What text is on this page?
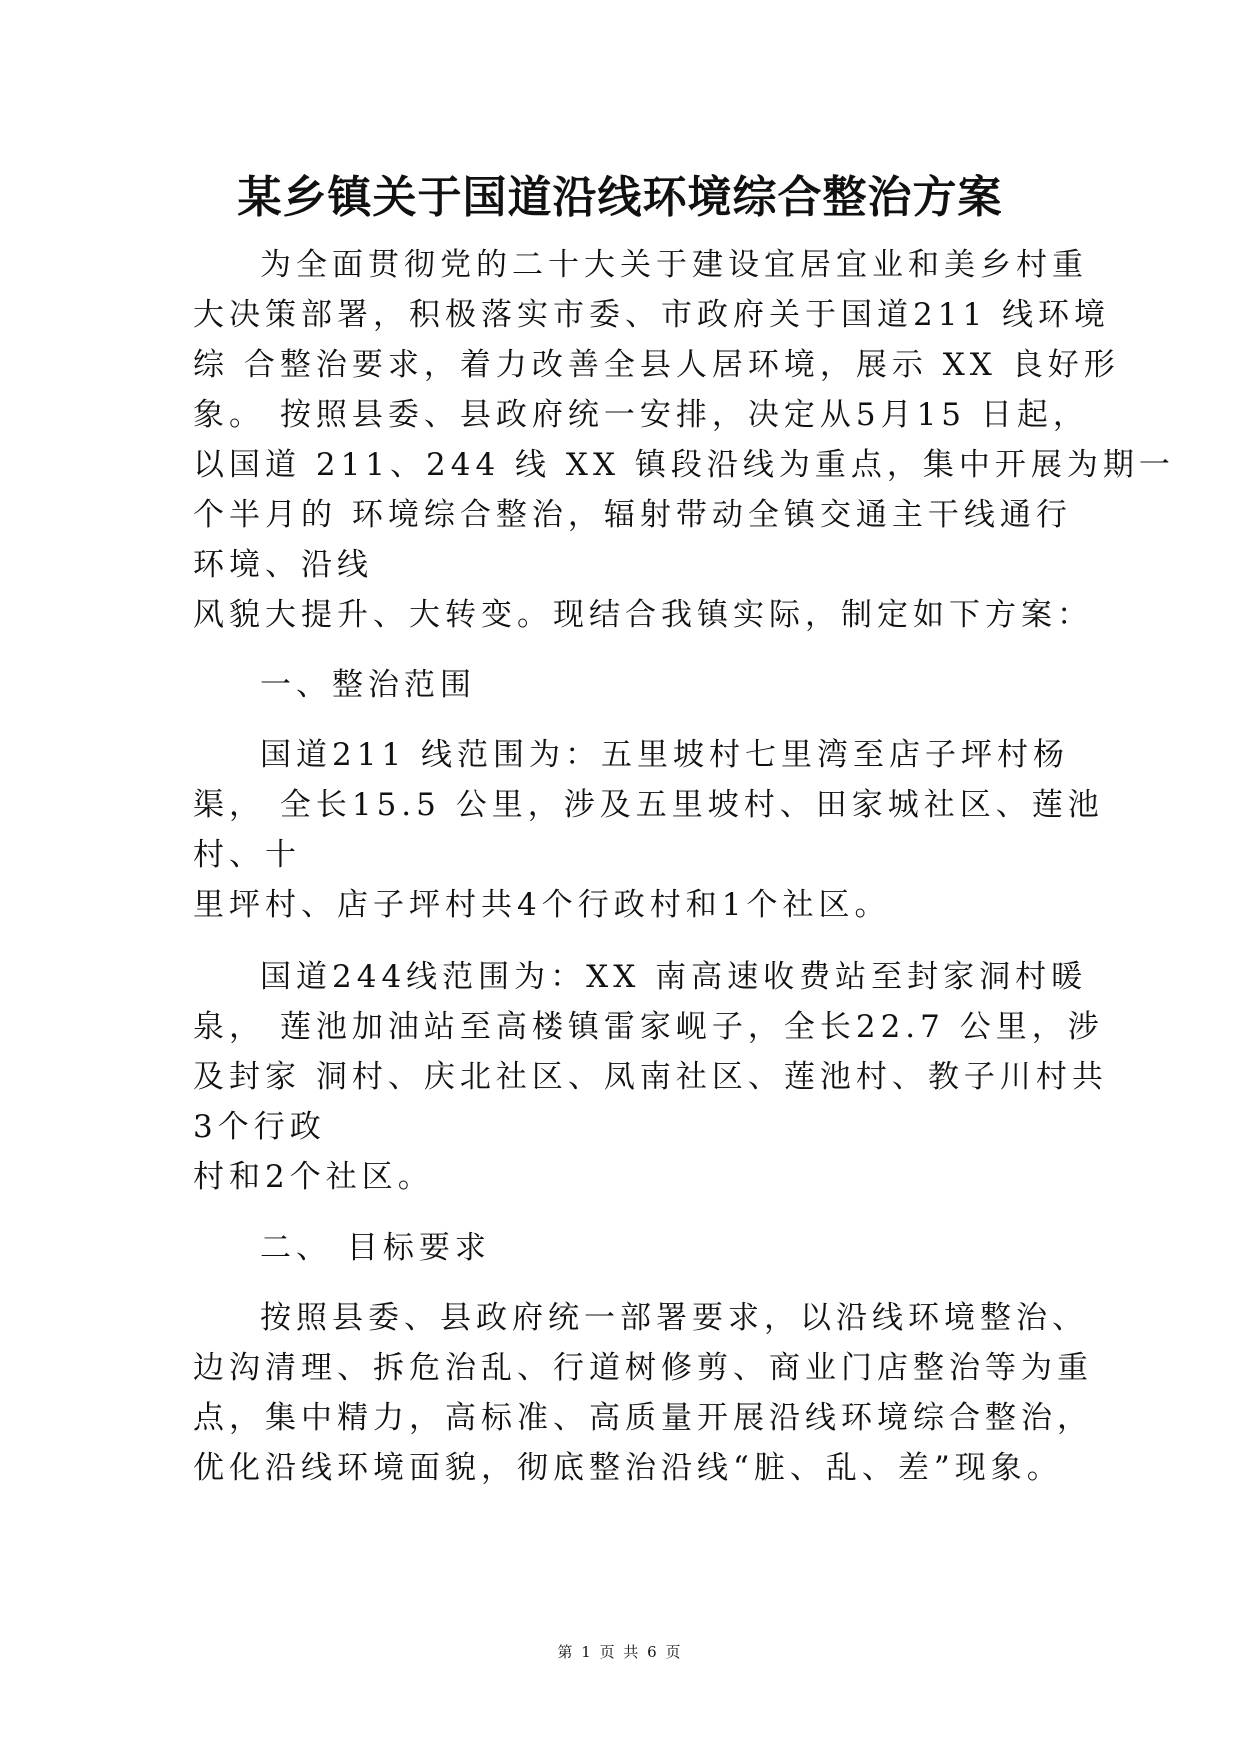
某乡镇关于国道沿线环境综合整治方案

为全面贯彻党的二十大关于建设宜居宜业和美乡村重

大决策部署，积极落实市委、市政府关于国道211 线环境

综 合整治要求，着力改善全县人居环境，展示 XX 良好形

象。 按照县委、县政府统一安排，决定从5月15 日起，

以国道 211、244 线 XX 镇段沿线为重点，集中开展为期一

个半月的 环境综合整治，辐射带动全镇交通主干线通行

环境、沿线

风貌大提升、大转变。现结合我镇实际，制定如下方案：

一、整治范围

国道211 线范围为：五里坡村七里湾至店子坪村杨

渠， 全长15.5 公里，涉及五里坡村、田家城社区、莲池

村、十

里坪村、店子坪村共4个行政村和1个社区。

国道244线范围为：XX 南高速收费站至封家洞村暖

泉， 莲池加油站至高楼镇雷家岘子，全长22.7 公里，涉

及封家 洞村、庆北社区、凤南社区、莲池村、教子川村共

3个行政

村和2个社区。

二、 目标要求

按照县委、县政府统一部署要求，以沿线环境整治、

边沟清理、拆危治乱、行道树修剪、商业门店整治等为重

点，集中精力，高标准、高质量开展沿线环境综合整治，

优化沿线环境面貌，彻底整治沿线“脏、乱、差”现象。

第 1 页 共 6 页
